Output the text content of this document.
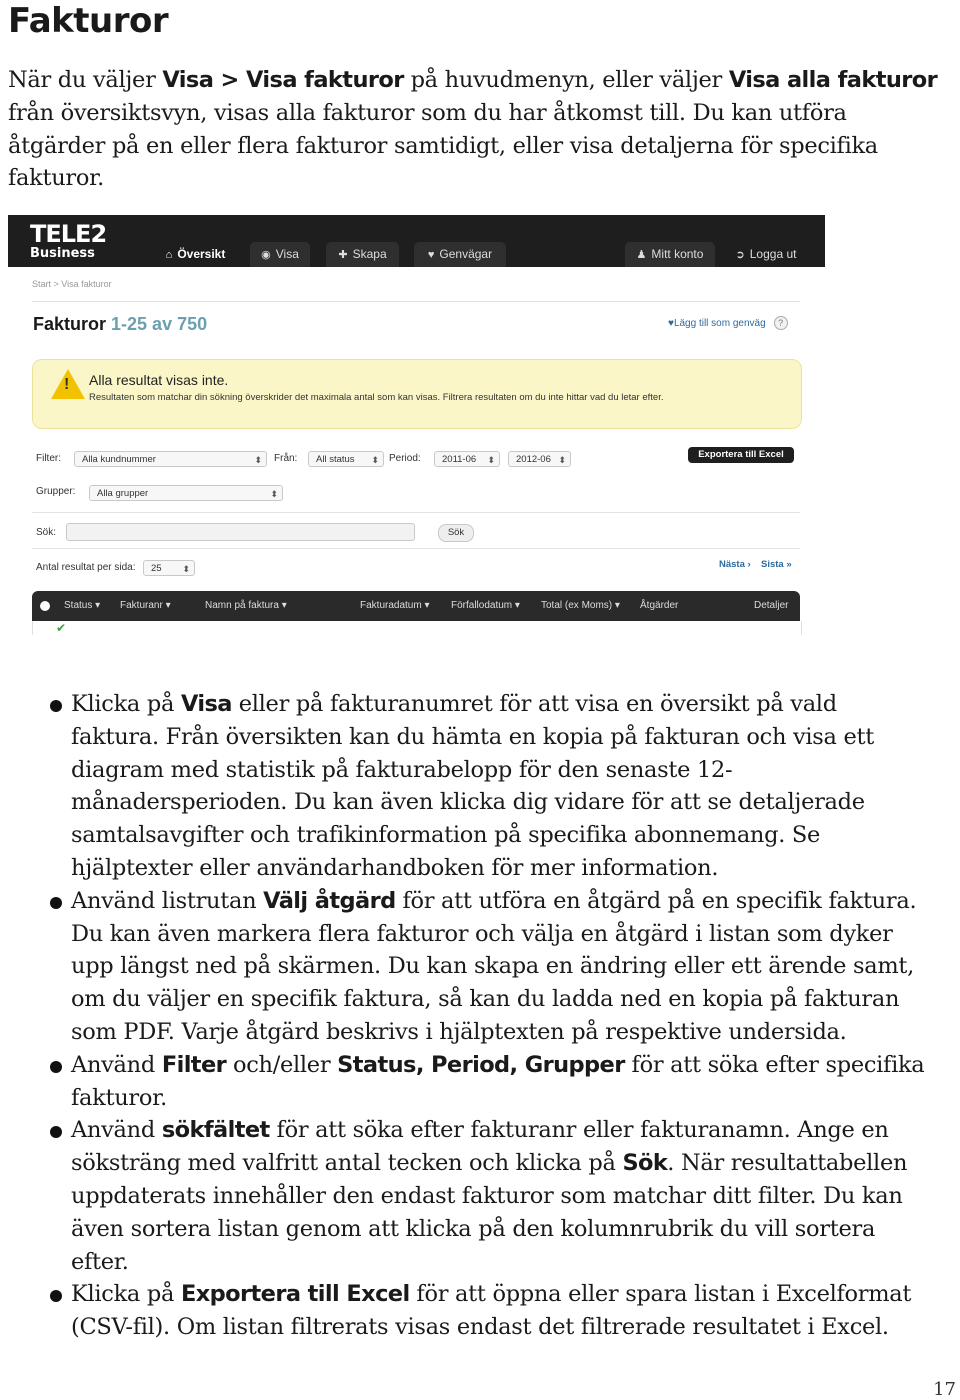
Fakturor

När du väljer Visa > Visa fakturor på huvudmenyn, eller väljer Visa alla fakturor från översiktsvyn, visas alla fakturor som du har åtkomst till. Du kan utföra åtgärder på en eller flera fakturor samtidigt, eller visa detaljerna för specifika fakturor.

TELE2
Business	⌂ Översikt	◉ Visa	✚ Skapa	♥ Genvägar	♟ Mitt konto	➲ Logga ut
Start > Visa fakturor
Fakturor 1-25 av 750	♥Lägg till som genväg ?
! Alla resultat visas inte.
Resultaten som matchar din sökning överskrider det maximala antal som kan visas. Filtrera resultaten om du inte hittar vad du letar efter.
Filter:	Alla kundnummer ⬍	Från:	All status ⬍	Period:	2011-06 ⬍	2012-06 ⬍	Exportera till Excel
Grupper:	Alla grupper ⬍
Sök:	Sök
Antal resultat per sida:	25 ⬍	Nästa › Sista »
Status ▾ Fakturanr ▾	Namn på faktura ▾	Fakturadatum ▾ Förfallodatum ▾ Total (ex Moms) ▾ Åtgärder	Detaljer
✔

Klicka på Visa eller på fakturanumret för att visa en översikt på vald faktura. Från översikten kan du hämta en kopia på fakturan och visa ett diagram med statistik på fakturabelopp för den senaste 12-månadersperioden. Du kan även klicka dig vidare för att se detaljerade samtalsavgifter och trafikinformation på specifika abonnemang. Se hjälptexter eller användarhandboken för mer information.

Använd listrutan Välj åtgärd för att utföra en åtgärd på en specifik faktura. Du kan även markera flera fakturor och välja en åtgärd i listan som dyker upp längst ned på skärmen. Du kan skapa en ändring eller ett ärende samt, om du väljer en specifik faktura, så kan du ladda ned en kopia på fakturan som PDF. Varje åtgärd beskrivs i hjälptexten på respektive undersida.

Använd Filter och/eller Status, Period, Grupper för att söka efter specifika fakturor.

Använd sökfältet för att söka efter fakturanr eller fakturanamn. Ange en söksträng med valfritt antal tecken och klicka på Sök. När resultattabellen uppdaterats innehåller den endast fakturor som matchar ditt filter. Du kan även sortera listan genom att klicka på den kolumnrubrik du vill sortera efter.

Klicka på Exportera till Excel för att öppna eller spara listan i Excelformat (CSV-fil). Om listan filtrerats visas endast det filtrerade resultatet i Excel.

17
